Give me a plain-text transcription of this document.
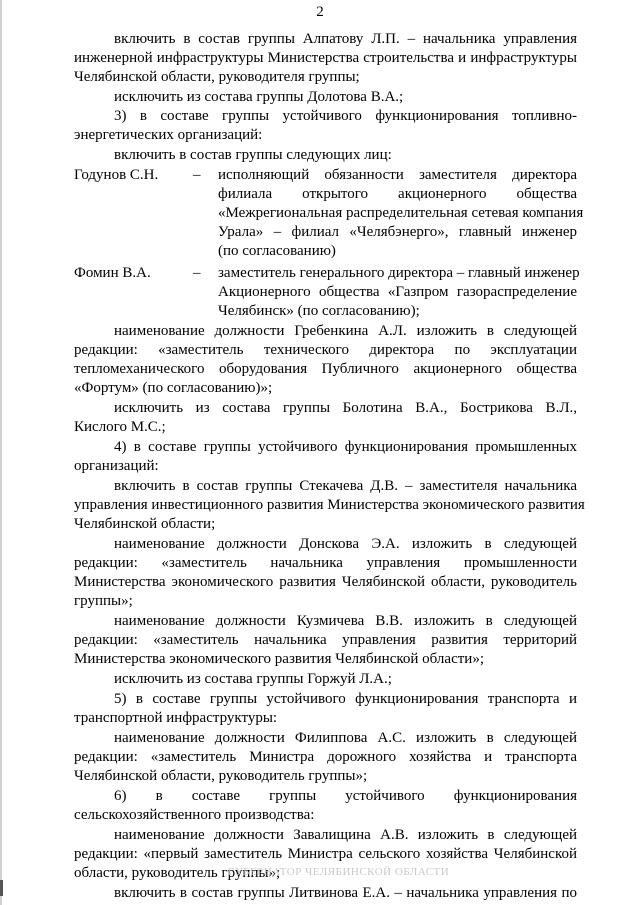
2
включить в состав группы Алпатову Л.П. – начальника управления
инженерной инфраструктуры Министерства строительства и инфраструктуры
Челябинской области, руководителя группы;
исключить из состава группы Долотова В.А.;
3) в составе группы устойчивого функционирования топливно-
энергетических организаций:
включить в состав группы следующих лиц:
Годунов С.Н. – исполняющий обязанности заместителя директора
филиала открытого акционерного общества
«Межрегиональная распределительная сетевая компания
Урала» – филиал «Челябэнерго», главный инженер
(по согласованию)
Фомин В.А.	– заместитель генерального директора – главный инженер
Акционерного общества «Газпром газораспределение
Челябинск» (по согласованию);
наименование должности Гребенкина А.Л. изложить в следующей
редакции: «заместитель технического директора по эксплуатации
тепломеханического оборудования Публичного акционерного общества
«Фортум» (по согласованию)»;
исключить из состава группы Болотина В.А., Бострикова В.Л.,
Кислого М.С.;
4) в составе группы устойчивого функционирования промышленных
организаций:
включить в состав группы Стекачева Д.В. – заместителя начальника
управления инвестиционного развития Министерства экономического развития
Челябинской области;
наименование должности Донскова Э.А. изложить в следующей
редакции: «заместитель начальника управления промышленности
Министерства экономического развития Челябинской области, руководитель
группы»;
наименование должности Кузмичева В.В. изложить в следующей
редакции: «заместитель начальника управления развития территорий
Министерства экономического развития Челябинской области»;
исключить из состава группы Горжуй Л.А.;
5) в составе группы устойчивого функционирования транспорта и
транспортной инфраструктуры:
наименование должности Филиппова А.С. изложить в следующей
редакции: «заместитель Министра дорожного хозяйства и транспорта
Челябинской области, руководитель группы»;
6) в составе группы устойчивого функционирования
сельскохозяйственного производства:
наименование должности Завалищина А.В. изложить в следующей
редакции: «первый заместитель Министра сельского хозяйства Челябинской
области, руководитель группы»;
включить в состав группы Литвинова Е.А. – начальника управления по
ГУБЕРНАТОР ЧЕЛЯБИНСКОЙ ОБЛАСТИ
